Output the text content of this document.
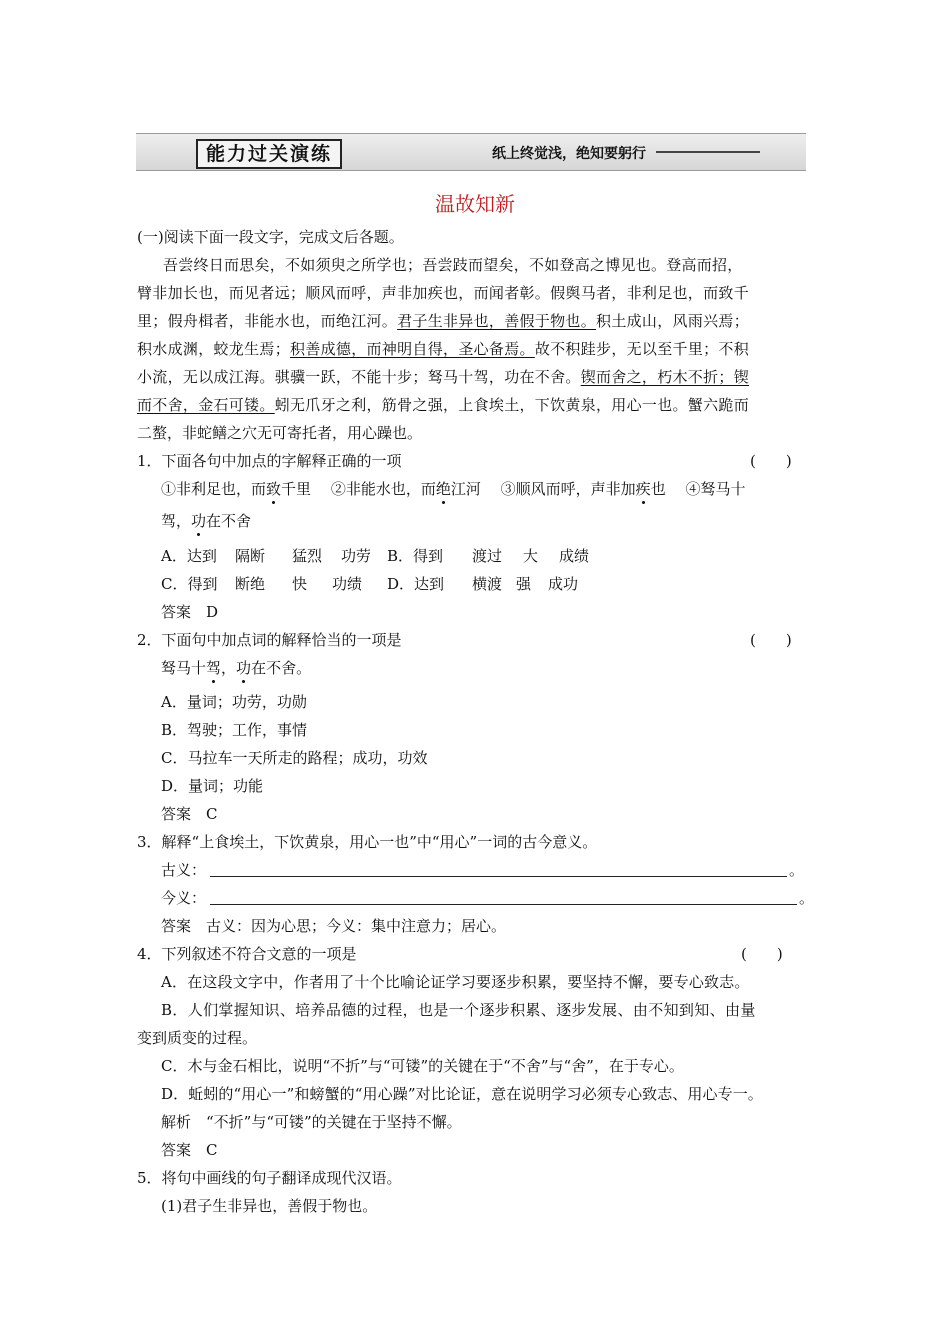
能力过关演练	纸上终觉浅，绝知要躬行
温故知新
(一)阅读下面一段文字，完成文后各题。
吾尝终日而思矣，不如须臾之所学也；吾尝跂而望矣，不如登高之博见也。登高而招，
臂非加长也，而见者远；顺风而呼，声非加疾也，而闻者彰。假舆马者，非利足也，而致千
里；假舟楫者，非能水也，而绝江河。君子生非异也，善假于物也。积土成山，风雨兴焉；
积水成渊，蛟龙生焉；积善成德，而神明自得，圣心备焉。故不积跬步，无以至千里；不积
小流，无以成江海。骐骥一跃，不能十步；驽马十驾，功在不舍。锲而舍之，朽木不折；锲
而不舍，金石可镂。蚓无爪牙之利，筋骨之强，上食埃土，下饮黄泉，用心一也。蟹六跪而
二螯，非蛇鳝之穴无可寄托者，用心躁也。
1．下面各句中加点的字解释正确的一项	(　　)
①非利足也，而致千里　 ②非能水也，而绝江河　 ③顺风而呼，声非加疾也　 ④驽马十
驾，功在不舍
A．达到 隔断 猛烈 功劳 B．得到 渡过 大 成绩
C．得到 断绝 快 功绩 D．达到 横渡 强 成功
答案　D
2．下面句中加点词的解释恰当的一项是	(　　)
驽马十驾，功在不舍。
A．量词；功劳，功勋
B．驾驶；工作，事情
C．马拉车一天所走的路程；成功，功效
D．量词；功能
答案　C
3．解释“上食埃土，下饮黄泉，用心一也”中“用心”一词的古今意义。
古义：	。
今义：	。
答案　古义：因为心思；今义：集中注意力；居心。
4．下列叙述不符合文意的一项是	(　　)
A．在这段文字中，作者用了十个比喻论证学习要逐步积累，要坚持不懈，要专心致志。
B．人们掌握知识、培养品德的过程，也是一个逐步积累、逐步发展、由不知到知、由量
变到质变的过程。
C．木与金石相比，说明“不折”与“可镂”的关键在于“不舍”与“舍”，在于专心。
D．蚯蚓的“用心一”和螃蟹的“用心躁”对比论证，意在说明学习必须专心致志、用心专一。
解析　“不折”与“可镂”的关键在于坚持不懈。
答案　C
5．将句中画线的句子翻译成现代汉语。
(1)君子生非异也，善假于物也。
